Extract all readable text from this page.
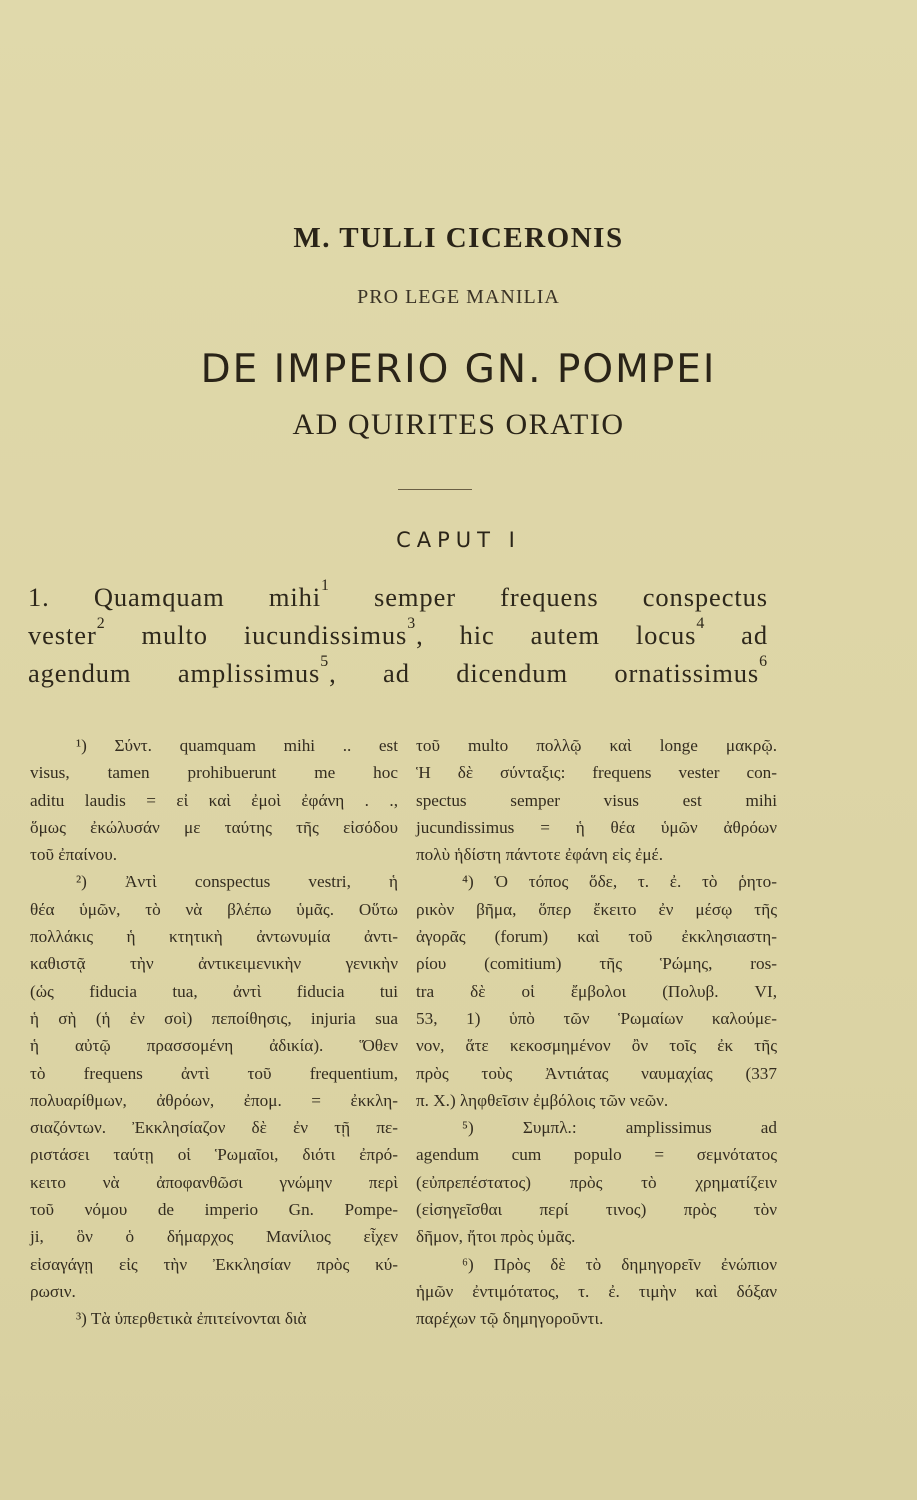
M. TULLI CICERONIS
PRO LEGE MANILIA
DE IMPERIO GN. POMPEI
AD QUIRITES ORATIO
CAPUT I
1. Quamquam mihi$^1$ semper frequens conspectus
vester$^2$ multo iucundissimus$^3$, hic autem locus$^4$ ad
agendum amplissimus$^5$, ad dicendum ornatissimus$^6$
¹) Σύντ. quamquam mihi .. est
visus, tamen prohibuerunt me hoc
aditu laudis = εἰ καὶ ἐμοὶ ἐφάνη . .,
ὅμως ἐκώλυσάν με ταύτης τῆς εἰσόδου
τοῦ ἐπαίνου.
²) Ἀντὶ conspectus vestri, ἡ
θέα ὑμῶν, τὸ νὰ βλέπω ὑμᾶς. Οὕτω
πολλάκις ἡ κτητικὴ ἀντωνυμία ἀντι-
καθιστᾷ τὴν ἀντικειμενικὴν γενικὴν
(ὡς fiducia tua, ἀντὶ fiducia tui
ἡ σὴ (ἡ ἐν σοὶ) πεποίθησις, injuria sua
ἡ αὐτῷ πρασσομένη ἀδικία). Ὅθεν
τὸ frequens ἀντὶ τοῦ frequentium,
πολυαρίθμων, ἀθρόων, ἐπομ. = ἐκκλη-
σιαζόντων. Ἐκκλησίαζον δὲ ἐν τῇ πε-
ριστάσει ταύτῃ οἱ Ῥωμαῖοι, διότι ἐπρό-
κειτο νὰ ἀποφανθῶσι γνώμην περὶ
τοῦ νόμου de imperio Gn. Pompe-
ji, ὃν ὁ δήμαρχος Μανίλιος εἶχεν
εἰσαγάγῃ εἰς τὴν Ἐκκλησίαν πρὸς κύ-
ρωσιν.
³) Τὰ ὑπερθετικὰ ἐπιτείνονται διὰ
τοῦ multo πολλῷ καὶ longe μακρῷ.
Ἡ δὲ σύνταξις: frequens vester con-
spectus semper visus est mihi
jucundissimus = ἡ θέα ὑμῶν ἀθρόων
πολὺ ἡδίστη πάντοτε ἐφάνη εἰς ἐμέ.
⁴) Ὁ τόπος ὅδε, τ. ἐ. τὸ ῥητο-
ρικὸν βῆμα, ὅπερ ἔκειτο ἐν μέσῳ τῆς
ἀγορᾶς (forum) καὶ τοῦ ἐκκλησιαστη-
ρίου (comitium) τῆς Ῥώμης, ros-
tra δὲ οἱ ἔμβολοι (Πολυβ. VI,
53, 1) ὑπὸ τῶν Ῥωμαίων καλούμε-
νον, ἅτε κεκοσμημένον ὂν τοῖς ἐκ τῆς
πρὸς τοὺς Ἀντιάτας ναυμαχίας (337
π. Χ.) ληφθεῖσιν ἐμβόλοις τῶν νεῶν.
⁵) Συμπλ.: amplissimus ad
agendum cum populo = σεμνότατος
(εὐπρεπέστατος) πρὸς τὸ χρηματίζειν
(εἰσηγεῖσθαι περί τινος) πρὸς τὸν
δῆμον, ἤτοι πρὸς ὑμᾶς.
⁶) Πρὸς δὲ τὸ δημηγορεῖν ἐνώπιον
ἡμῶν ἐντιμότατος, τ. ἐ. τιμὴν καὶ δόξαν
παρέχων τῷ δημηγοροῦντι.
